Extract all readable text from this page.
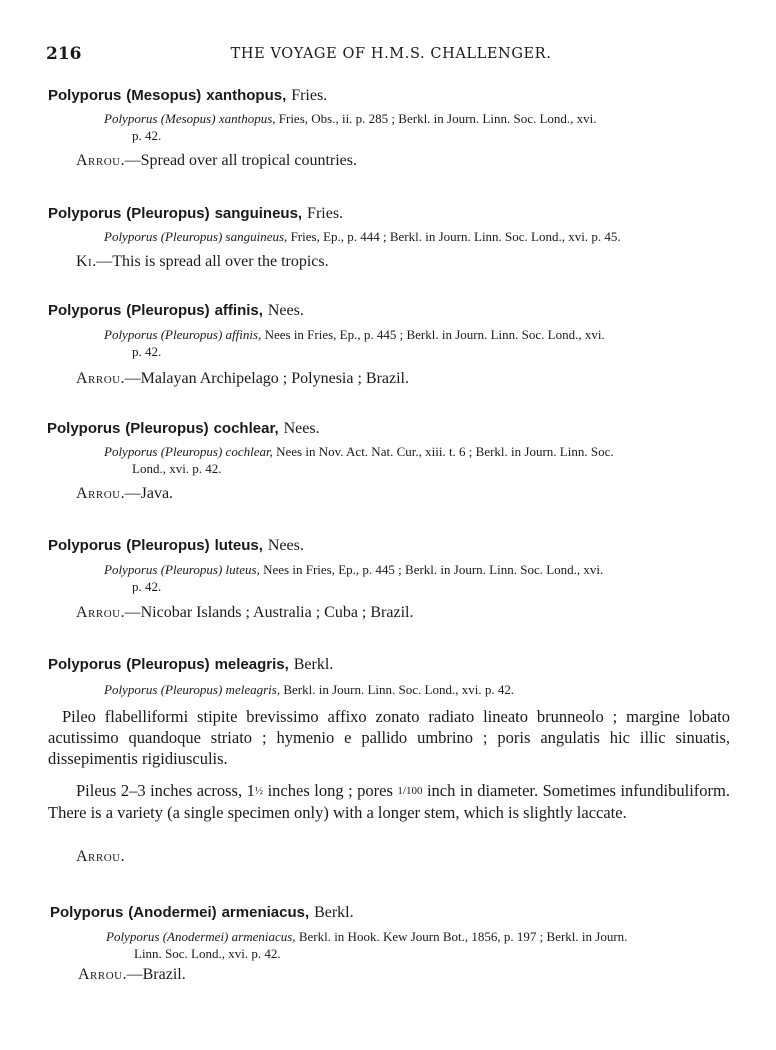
216	THE VOYAGE OF H.M.S. CHALLENGER.
Polyporus (Mesopus) xanthopus, Fries.
Polyporus (Mesopus) xanthopus, Fries, Obs., ii. p. 285 ; Berkl. in Journ. Linn. Soc. Lond., xvi.
p. 42.
Arrou.—Spread over all tropical countries.
Polyporus (Pleuropus) sanguineus, Fries.
Polyporus (Pleuropus) sanguineus, Fries, Ep., p. 444 ; Berkl. in Journ. Linn. Soc. Lond., xvi. p. 45.
Ki.—This is spread all over the tropics.
Polyporus (Pleuropus) affinis, Nees.
Polyporus (Pleuropus) affinis, Nees in Fries, Ep., p. 445 ; Berkl. in Journ. Linn. Soc. Lond., xvi.
p. 42.
Arrou.—Malayan Archipelago ; Polynesia ; Brazil.
Polyporus (Pleuropus) cochlear, Nees.
Polyporus (Pleuropus) cochlear, Nees in Nov. Act. Nat. Cur., xiii. t. 6 ; Berkl. in Journ. Linn. Soc.
Lond., xvi. p. 42.
Arrou.—Java.
Polyporus (Pleuropus) luteus, Nees.
Polyporus (Pleuropus) luteus, Nees in Fries, Ep., p. 445 ; Berkl. in Journ. Linn. Soc. Lond., xvi.
p. 42.
Arrou.—Nicobar Islands ; Australia ; Cuba ; Brazil.
Polyporus (Pleuropus) meleagris, Berkl.
Polyporus (Pleuropus) meleagris, Berkl. in Journ. Linn. Soc. Lond., xvi. p. 42.
Pileo flabelliformi stipite brevissimo affixo zonato radiato lineato brunneolo ; margine lobato acutissimo quandoque striato ; hymenio e pallido umbrino ; poris angulatis hic illic sinuatis, dissepimentis rigidiusculis.
Pileus 2–3 inches across, 1½ inches long ; pores 1/100 inch in diameter. Sometimes infundibuliform. There is a variety (a single specimen only) with a longer stem, which is slightly laccate.
Arrou.
Polyporus (Anodermei) armeniacus, Berkl.
Polyporus (Anodermei) armeniacus, Berkl. in Hook. Kew Journ Bot., 1856, p. 197 ; Berkl. in Journ.
Linn. Soc. Lond., xvi. p. 42.
Arrou.—Brazil.
